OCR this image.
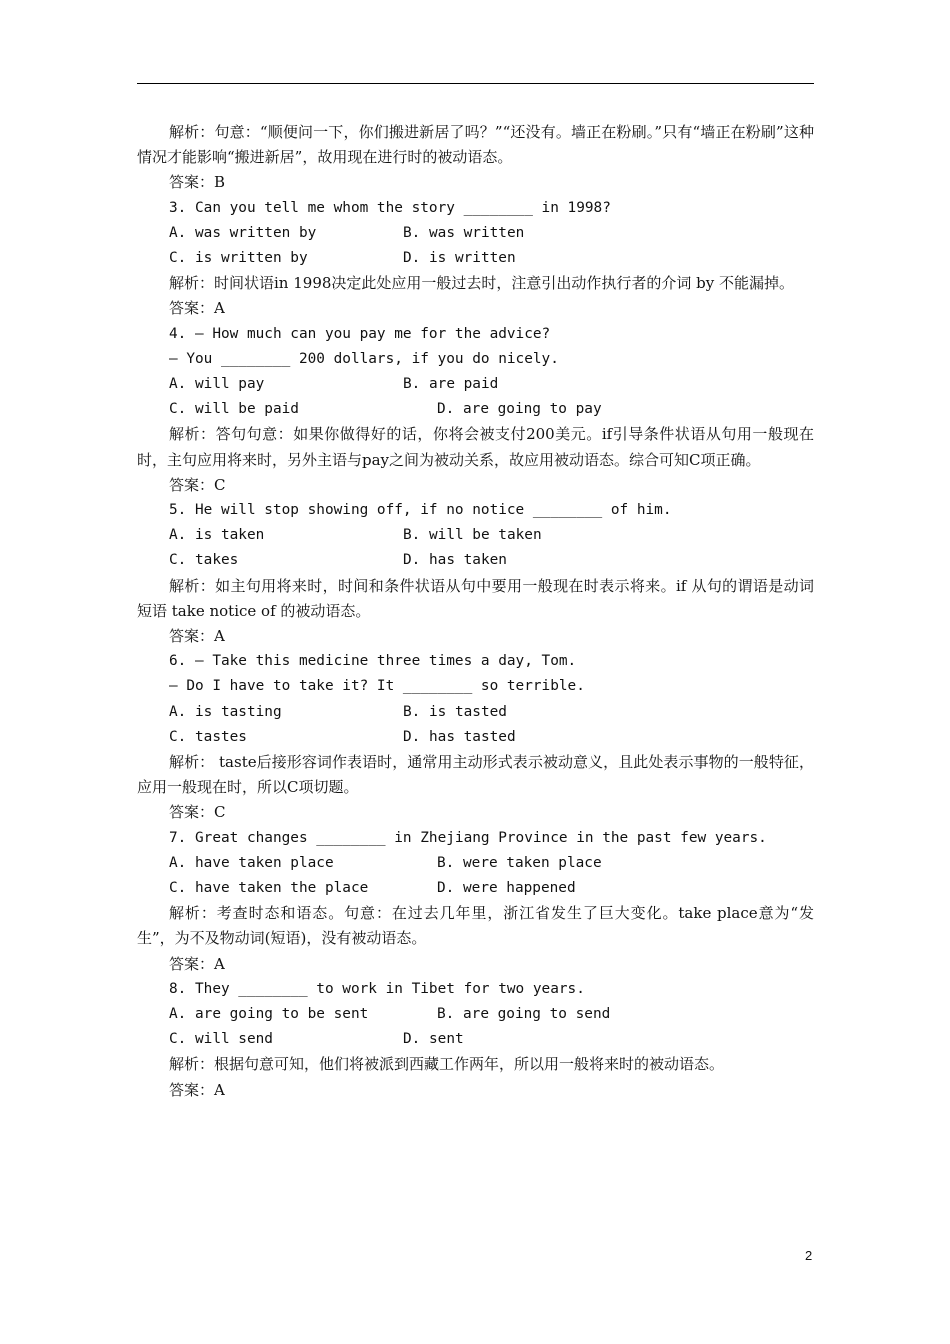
解析：句意：“顺便问一下，你们搬进新居了吗？”“还没有。墙正在粉刷。”只有“墙正在粉刷”这种情况才能影响“搬进新居”，故用现在进行时的被动语态。

答案：B

3. Can you tell me whom the story ________ in 1998?

A. was written by	B. was written
C. is written by	D. is written

解析：时间状语in 1998决定此处应用一般过去时，注意引出动作执行者的介词 by 不能漏掉。

答案：A

4. — How much can you pay me for the advice?

— You ________ 200 dollars, if you do nicely.

A. will pay	B. are paid
C. will be paid	D. are going to pay

解析：答句句意：如果你做得好的话，你将会被支付200美元。if引导条件状语从句用一般现在时，主句应用将来时，另外主语与pay之间为被动关系，故应用被动语态。综合可知C项正确。

答案：C

5. He will stop showing off, if no notice ________ of him.

A. is taken	B. will be taken
C. takes	D. has taken

解析：如主句用将来时，时间和条件状语从句中要用一般现在时表示将来。if 从句的谓语是动词短语 take notice of 的被动语态。

答案：A

6. — Take this medicine three times a day, Tom.

— Do I have to take it? It ________ so terrible.

A. is tasting	B. is tasted
C. tastes	D. has tasted

解析： taste后接形容词作表语时，通常用主动形式表示被动意义，且此处表示事物的一般特征，应用一般现在时，所以C项切题。

答案：C

7. Great changes ________ in Zhejiang Province in the past few years.

A. have taken place	B. were taken place
C. have taken the place	D. were happened

解析：考查时态和语态。句意：在过去几年里，浙江省发生了巨大变化。take place意为“发生”，为不及物动词(短语)，没有被动语态。

答案：A

8. They ________ to work in Tibet for two years.

A. are going to be sent	B. are going to send
C. will send	D. sent

解析：根据句意可知，他们将被派到西藏工作两年，所以用一般将来时的被动语态。

答案：A

2
